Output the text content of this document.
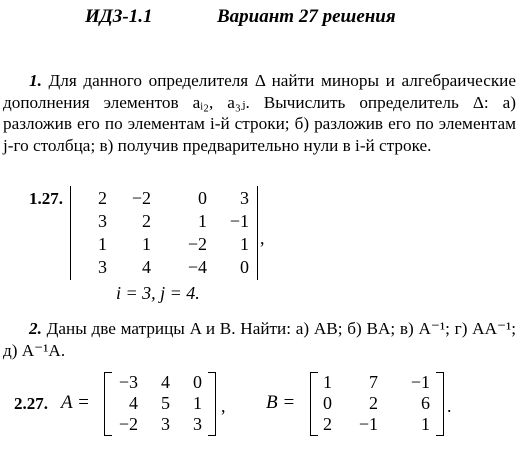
ИДЗ-1.1	Вариант 27 решения
1. Для данного определителя Δ найти миноры и алгебраические дополнения элементов aᵢ₂, a₃ⱼ. Вычислить определитель Δ: а) разложив его по элементам i-й строки; б) разложив его по элементам j-го столбца; в) получив предварительно нули в i-й строке.
1.27.	2	−2	0	3
3	2	1	−1
1	1	−2	1
3	4	−4	0
,
i = 3, j = 4.
2. Даны две матрицы A и B. Найти: а) AB; б) BA; в) A⁻¹; г) AA⁻¹; д) A⁻¹A.
2.27. A =
−3	4	0
4	5	1
−2	3	3
, B =
1	7	−1
0	2	6
2	−1	1
.
